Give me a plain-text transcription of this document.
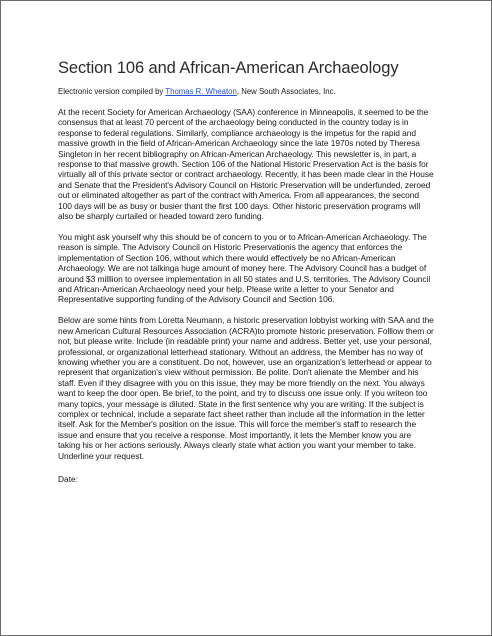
Section 106 and African-American Archaeology

Electronic version compiled by Thomas R. Wheaton, New South Associates, Inc.

At the recent Society for American Archaeology (SAA) conference in Minneapolis, it seemed to be the consensus that at least 70 percent of the archaeology being conducted in the country today is in response to federal regulations. Similarly, compliance archaeology is the impetus for the rapid and massive growth in the field of African-American Archaeology since the late 1970s noted by Theresa Singleton in her recent bibliography on African-American Archaeology. This newsletter is, in part, a response to that massive growth. Section 106 of the National Historic Preservation Act is the basis for virtually all of this private sector or contract archaeology. Recently, it has been made clear in the House and Senate that the President's Advisory Council on Historic Preservation will be underfunded, zeroed out or eliminated altogether as part of the contract with America. From all appearances, the second 100 days will be as busy or busier thant the first 100 days. Other historic preservation programs will also be sharply curtailed or headed toward zero funding.

You might ask yourself why this should be of concern to you or to African-American Archaeology. The reason is simple. The Advisory Council on Historic Preservationis the agency that enforces the implementation of Section 106, without which there would effectively be no African-American Archaeology. We are not talkinga huge amount of money here. The Advisory Council has a budget of around $3 milllion to oversee implementation in all 50 states and U.S. territories. The Advisory Council and African-American Archaeology need your help. Please write a letter to your Senator and Representative supporting funding of the Advisory Council and Section 106.

Below are some hints from Loretta Neumann, a historic preservation lobbyist working with SAA and the new American Cultural Resources Association (ACRA)to promote historic preservation. Folllow them or not, but please write. Include (in readable print) your name and address. Better yet, use your personal, professional, or organizational letterhead stationary. Without an address, the Member has no way of knowing whether you are a constituent. Do not, however, use an organization's letterhead or appear to represent that organization's view without permission. Be polite. Don't alienate the Member and his staff. Even if they disagree with you on this issue, they may be more friendly on the next. You always want to keep the door open. Be brief, to the point, and try to discuss one issue only. If you writeon too many topics, your message is diluted. State in the first sentence why you are writing. If the subject is complex or technical, include a separate fact sheet rather than include all the information in the letter itself. Ask for the Member's position on the issue. This will force the member's staff to research the issue and ensure that you receive a response. Most importantly, it lets the Member know you are taking his or her actions seriously. Always clearly state what action you want your member to take. Underline your request.

Date:
